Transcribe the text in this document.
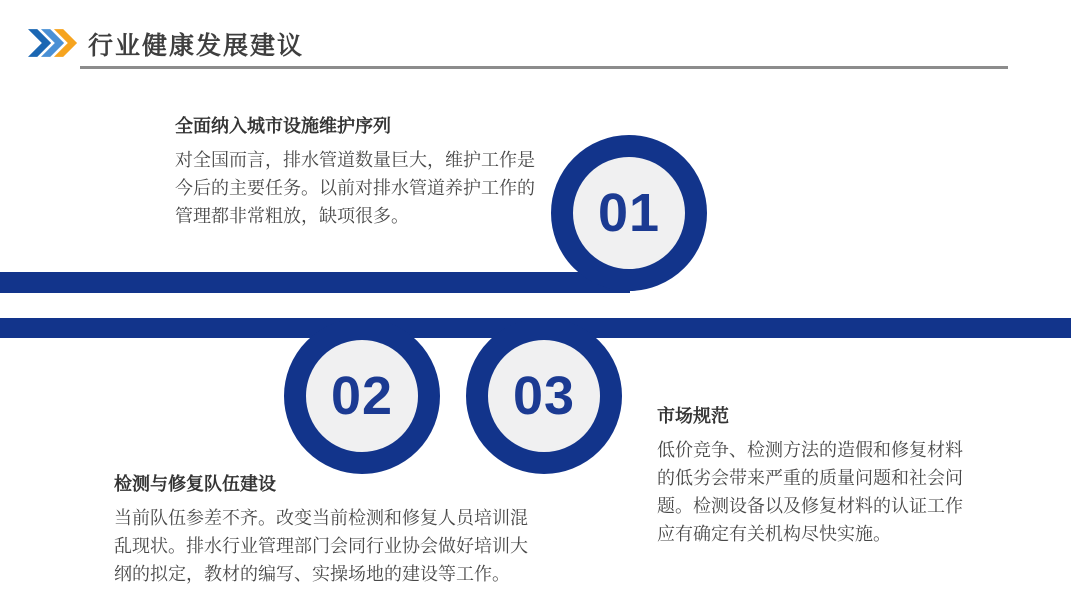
行业健康发展建议
01
02 03
全面纳入城市设施维护序列

对全国而言，排水管道数量巨大，维护工作是今后的主要任务。以前对排水管道养护工作的管理都非常粗放，缺项很多。

检测与修复队伍建设

当前队伍参差不齐。改变当前检测和修复人员培训混乱现状。排水行业管理部门会同行业协会做好培训大纲的拟定，教材的编写、实操场地的建设等工作。

市场规范

低价竞争、检测方法的造假和修复材料的低劣会带来严重的质量问题和社会问题。检测设备以及修复材料的认证工作应有确定有关机构尽快实施。
